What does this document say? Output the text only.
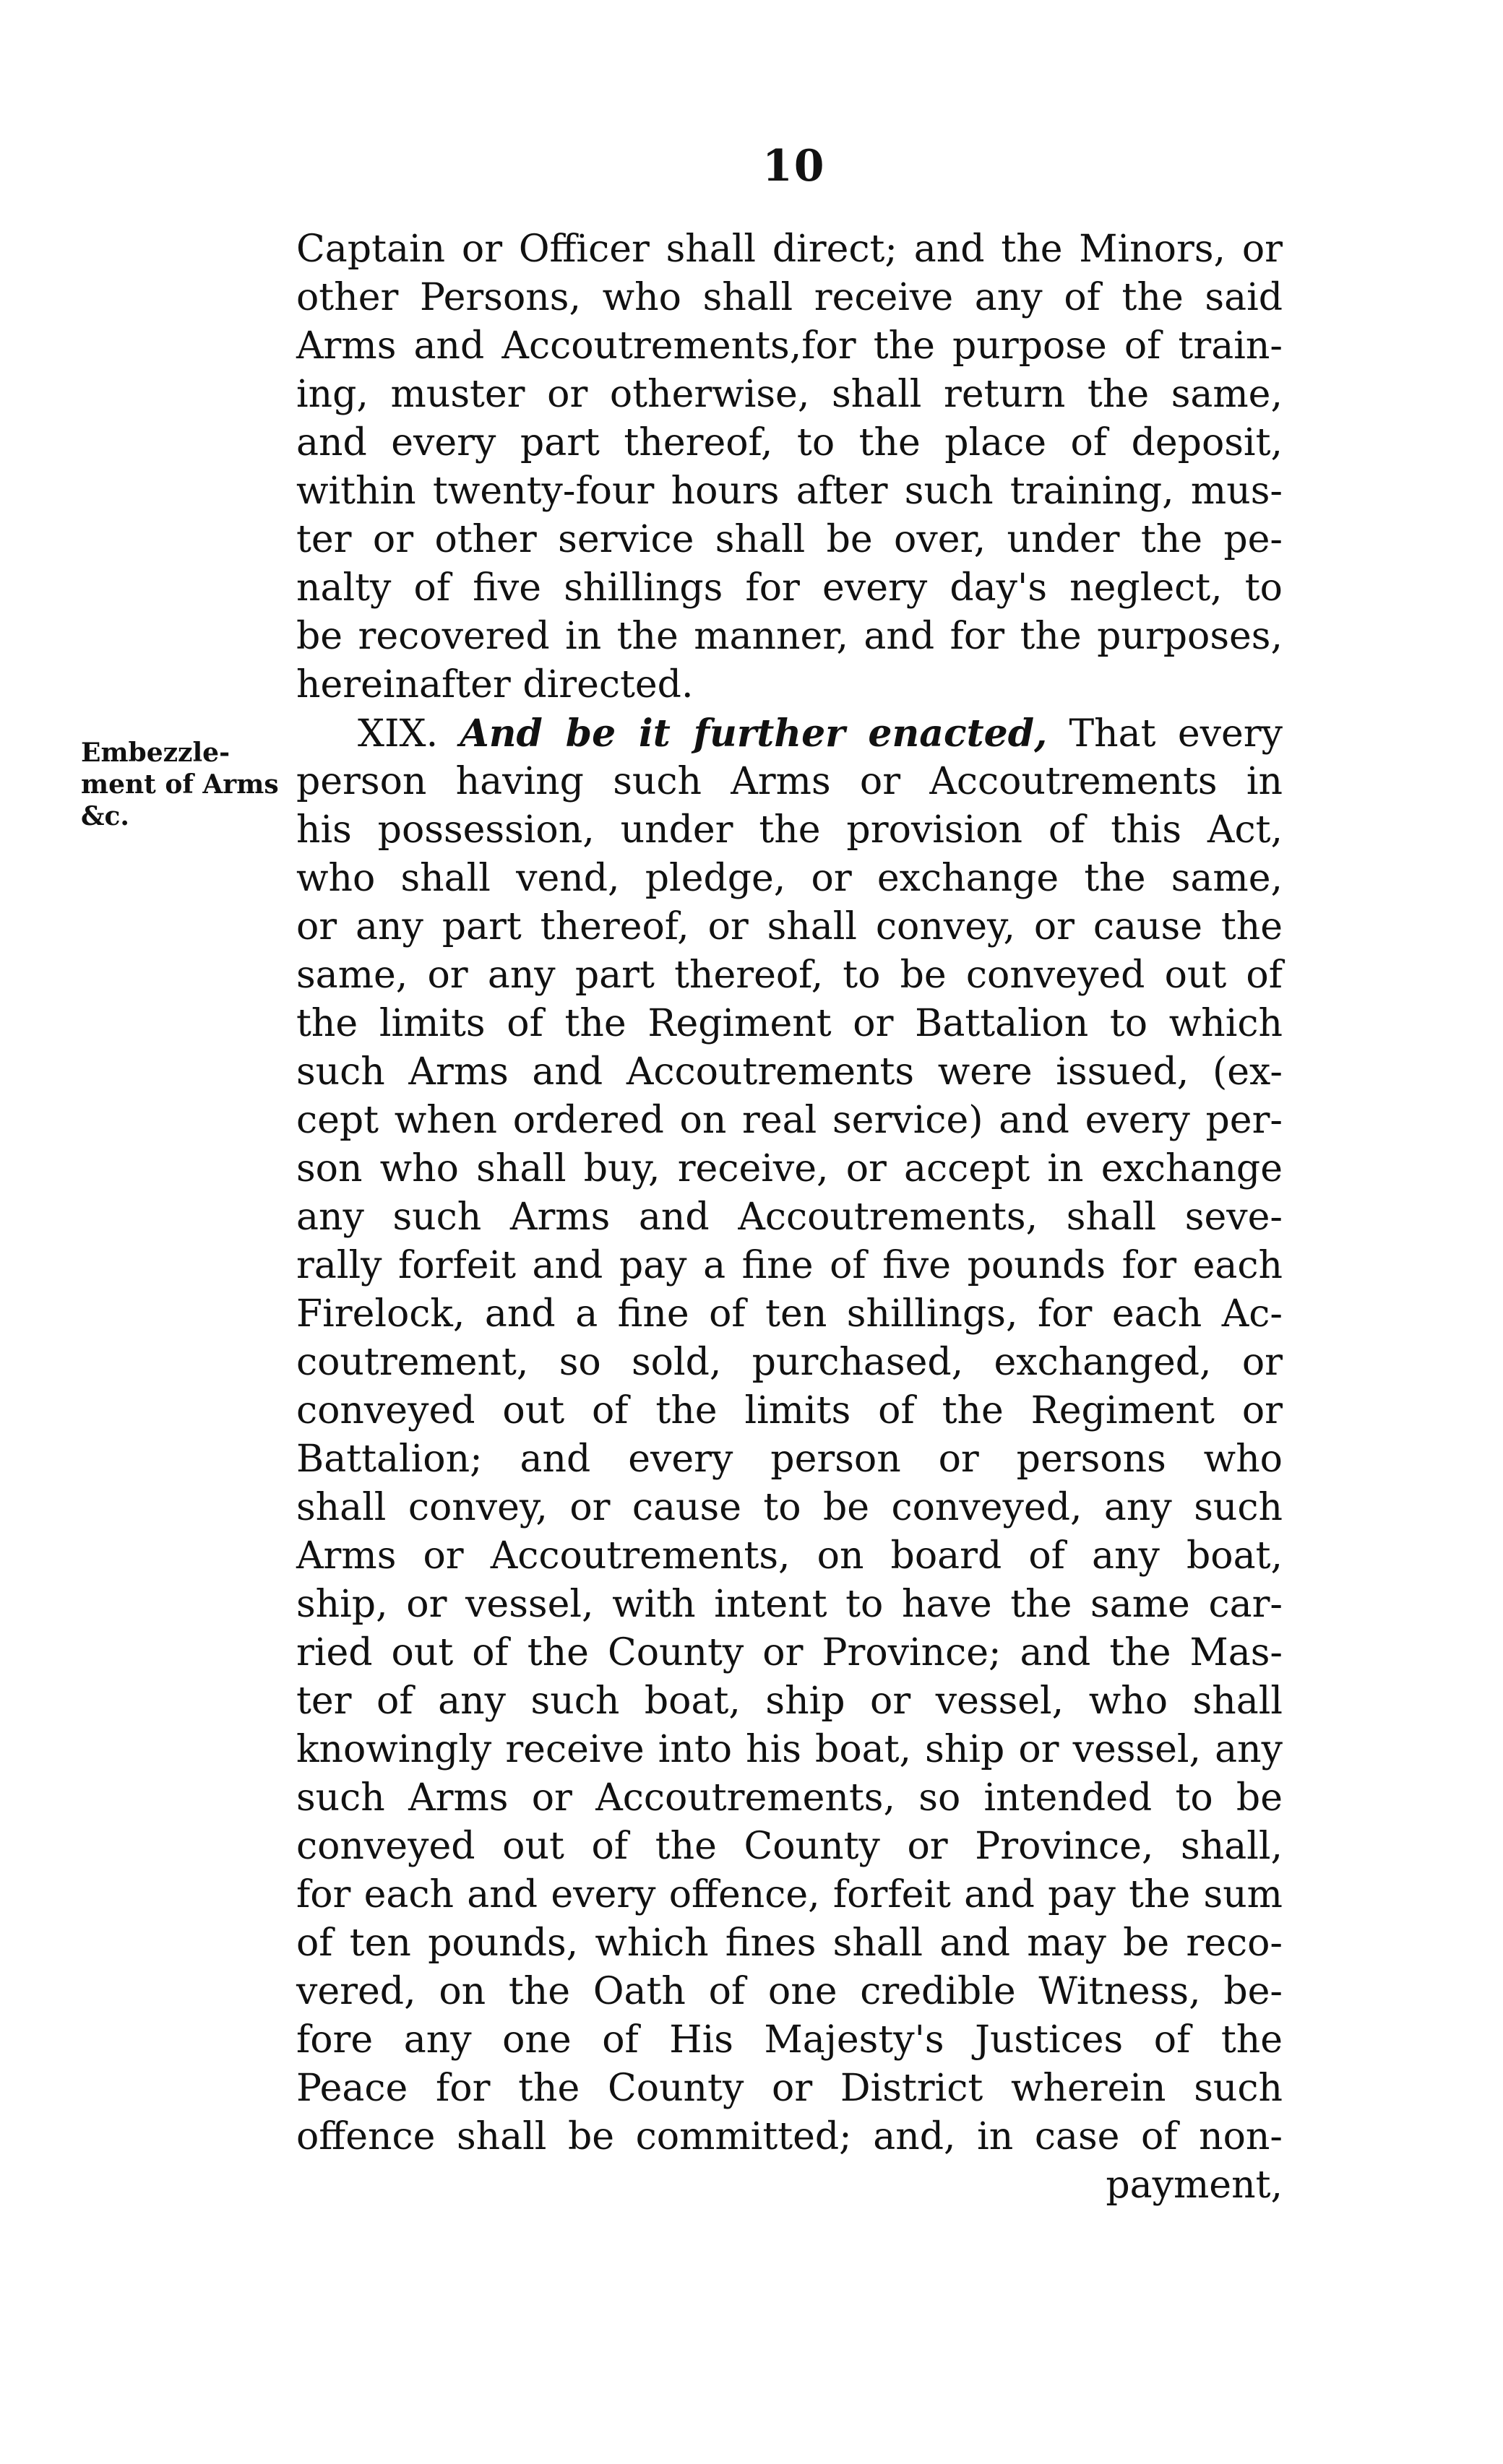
10
Embezzle-
ment of Arms
&c.
Captain or Officer shall direct; and the Minors, or
other Persons, who shall receive any of the said
Arms and Accoutrements,for the purpose of train-
ing, muster or otherwise, shall return the same,
and every part thereof, to the place of deposit,
within twenty-four hours after such training, mus-
ter or other service shall be over, under the pe-
nalty of five shillings for every day's neglect, to
be recovered in the manner, and for the purposes,
hereinafter directed.
XIX. And be it further enacted, That every
person having such Arms or Accoutrements in
his possession, under the provision of this Act,
who shall vend, pledge, or exchange the same,
or any part thereof, or shall convey, or cause the
same, or any part thereof, to be conveyed out of
the limits of the Regiment or Battalion to which
such Arms and Accoutrements were issued, (ex-
cept when ordered on real service) and every per-
son who shall buy, receive, or accept in exchange
any such Arms and Accoutrements, shall seve-
rally forfeit and pay a fine of five pounds for each
Firelock, and a fine of ten shillings, for each Ac-
coutrement, so sold, purchased, exchanged, or
conveyed out of the limits of the Regiment or
Battalion; and every person or persons who
shall convey, or cause to be conveyed, any such
Arms or Accoutrements, on board of any boat,
ship, or vessel, with intent to have the same car-
ried out of the County or Province; and the Mas-
ter of any such boat, ship or vessel, who shall
knowingly receive into his boat, ship or vessel, any
such Arms or Accoutrements, so intended to be
conveyed out of the County or Province, shall,
for each and every offence, forfeit and pay the sum
of ten pounds, which fines shall and may be reco-
vered, on the Oath of one credible Witness, be-
fore any one of His Majesty's Justices of the
Peace for the County or District wherein such
offence shall be committed; and, in case of non-
payment,
